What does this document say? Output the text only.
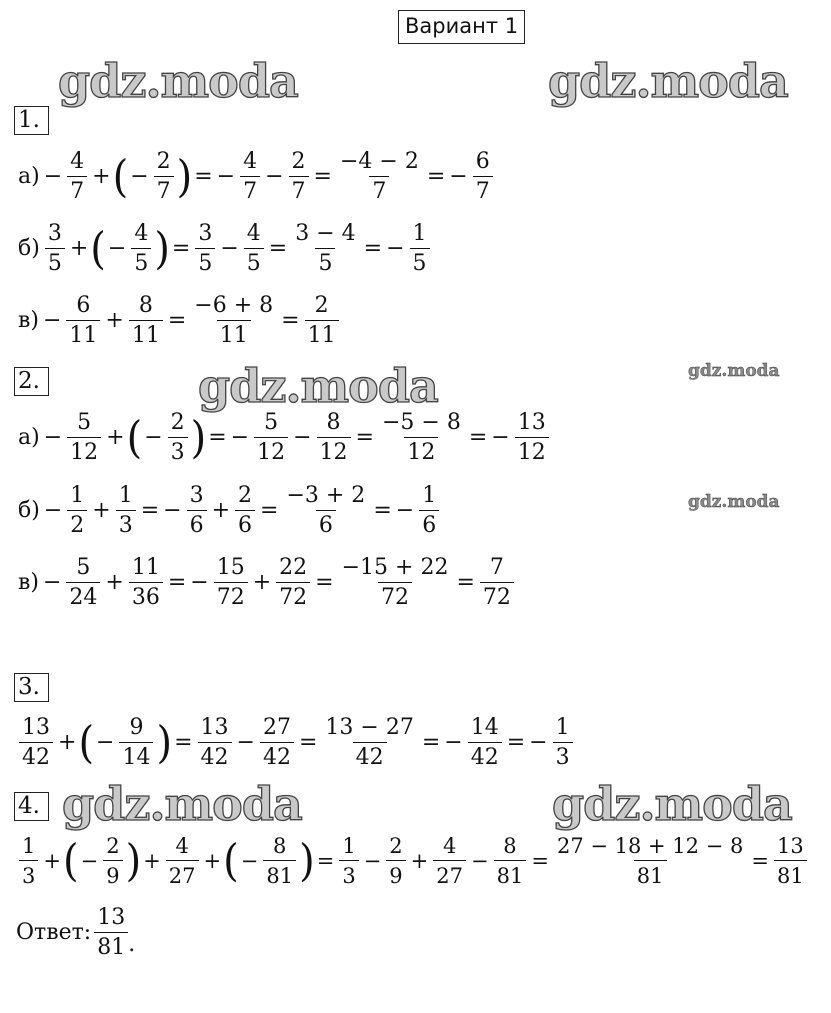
Вариант 1
gdz.moda	gdz.moda
gdz.moda	gdz.moda
gdz.moda
gdz.moda	gdz.moda
1.
$а) - \frac{4}{7}$ + ( − $\frac{2}{7}$ ) = − $\frac{4}{7} - \frac{2}{7} = \frac{-4 - 2}{7}$ = − $\frac{6}{7}$
$б) \frac{3}{5}$ + ( − $\frac{4}{5}$ ) = $\frac{3}{5} - \frac{4}{5} = \frac{3 - 4}{5}$ = − $\frac{1}{5}$
$в) - \frac{6}{11} + \frac{8}{11} = \frac{-6 + 8}{11} = \frac{2}{11}$
2.
$а) - \frac{5}{12}$ + ( − $\frac{2}{3}$ ) = − $\frac{5}{12} - \frac{8}{12} = \frac{-5 - 8}{12}$ = − $\frac{13}{12}$
$б) - \frac{1}{2} + \frac{1}{3}$ = − $\frac{3}{6} + \frac{2}{6} = \frac{-3 + 2}{6}$ = − $\frac{1}{6}$
$в) - \frac{5}{24} + \frac{11}{36}$ = − $\frac{15}{72} + \frac{22}{72} = \frac{-15 + 22}{72} = \frac{7}{72}$
3.
$\frac{13}{42}$ + ( − $\frac{9}{14}$ ) = $\frac{13}{42} - \frac{27}{42} = \frac{13 - 27}{42}$ = − $\frac{14}{42}$ = − $\frac{1}{3}$
4.
$\frac{1}{3}$ + ( − $\frac{2}{9}$ ) + $\frac{4}{27}$ + ( − $\frac{8}{81}$ ) = $\frac{1}{3} - \frac{2}{9} + \frac{4}{27} - \frac{8}{81} = \frac{27 - 18 + 12 - 8}{81} = \frac{13}{81}$
Ответ: $\frac{13}{81}$ .
